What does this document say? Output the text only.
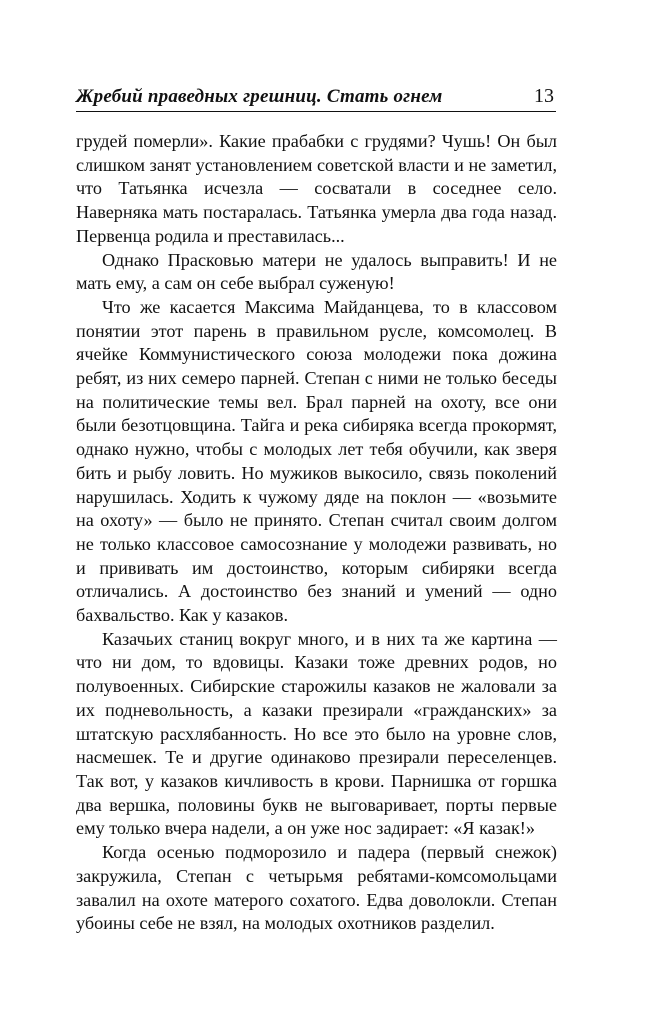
Жребий праведных грешниц. Стать огнем	13

грудей померли». Какие прабабки с грудями? Чушь! Он был слишком занят установлением советской власти и не заметил, что Татьянка исчезла — сосватали в соседнее село. Наверняка мать постаралась. Татьянка умерла два года назад. Первенца родила и преставилась...

Однако Прасковью матери не удалось выправить! И не мать ему, а сам он себе выбрал суженую!

Что же касается Максима Майданцева, то в классовом понятии этот парень в правильном русле, комсомолец. В ячейке Коммунистического союза молодежи пока дожина ребят, из них семеро парней. Степан с ними не только беседы на политические темы вел. Брал парней на охоту, все они были безотцовщина. Тайга и река сибиряка всегда прокормят, однако нужно, чтобы с молодых лет тебя обучили, как зверя бить и рыбу ловить. Но мужиков выкосило, связь поколений нарушилась. Ходить к чужому дяде на поклон — «возьмите на охоту» — было не принято. Степан считал своим долгом не только классовое самосознание у молодежи развивать, но и прививать им достоинство, которым сибиряки всегда отличались. А достоинство без знаний и умений — одно бахвальство. Как у казаков.

Казачьих станиц вокруг много, и в них та же картина — что ни дом, то вдовицы. Казаки тоже древних родов, но полувоенных. Сибирские старожилы казаков не жаловали за их подневольность, а казаки презирали «гражданских» за штатскую расхлябанность. Но все это было на уровне слов, насмешек. Те и другие одинаково презирали переселенцев. Так вот, у казаков кичливость в крови. Парнишка от горшка два вершка, половины букв не выговаривает, порты первые ему только вчера надели, а он уже нос задирает: «Я казак!»

Когда осенью подморозило и падера (первый снежок) закружила, Степан с четырьмя ребятами-комсомольцами завалил на охоте матерого сохатого. Едва доволокли. Степан убоины себе не взял, на молодых охотников разделил.
